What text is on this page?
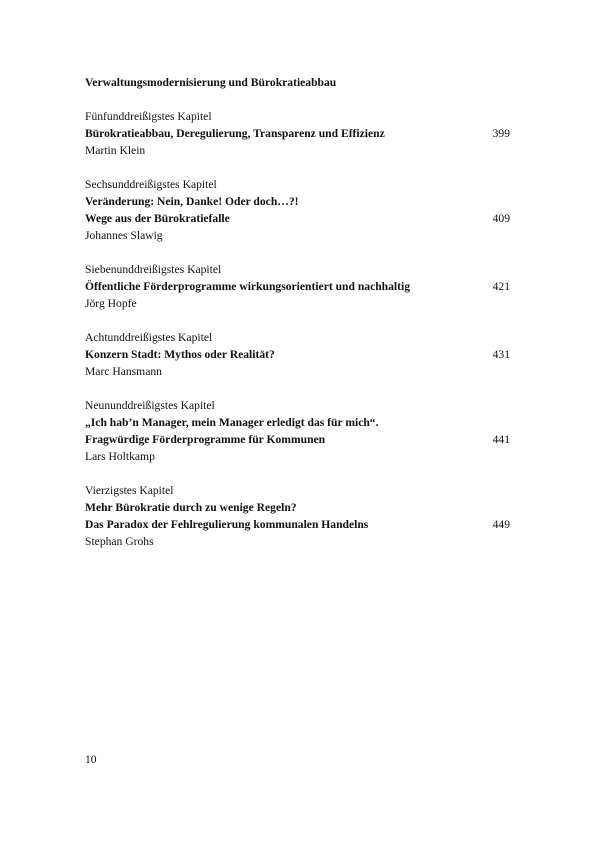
Verwaltungsmodernisierung und Bürokratieabbau
Fünfunddreißigstes Kapitel
Bürokratieabbau, Deregulierung, Transparenz und Effizienz	399
Martin Klein
Sechsunddreißigstes Kapitel
Veränderung: Nein, Danke! Oder doch…?!
Wege aus der Bürokratiefalle	409
Johannes Slawig
Siebenunddreißigstes Kapitel
Öffentliche Förderprogramme wirkungsorientiert und nachhaltig	421
Jörg Hopfe
Achtunddreißigstes Kapitel
Konzern Stadt: Mythos oder Realität?	431
Marc Hansmann
Neununddreißigstes Kapitel
„Ich hab’n Manager, mein Manager erledigt das für mich“.
Fragwürdige Förderprogramme für Kommunen	441
Lars Holtkamp
Vierzigstes Kapitel
Mehr Bürokratie durch zu wenige Regeln?
Das Paradox der Fehlregulierung kommunalen Handelns	449
Stephan Grohs
10
